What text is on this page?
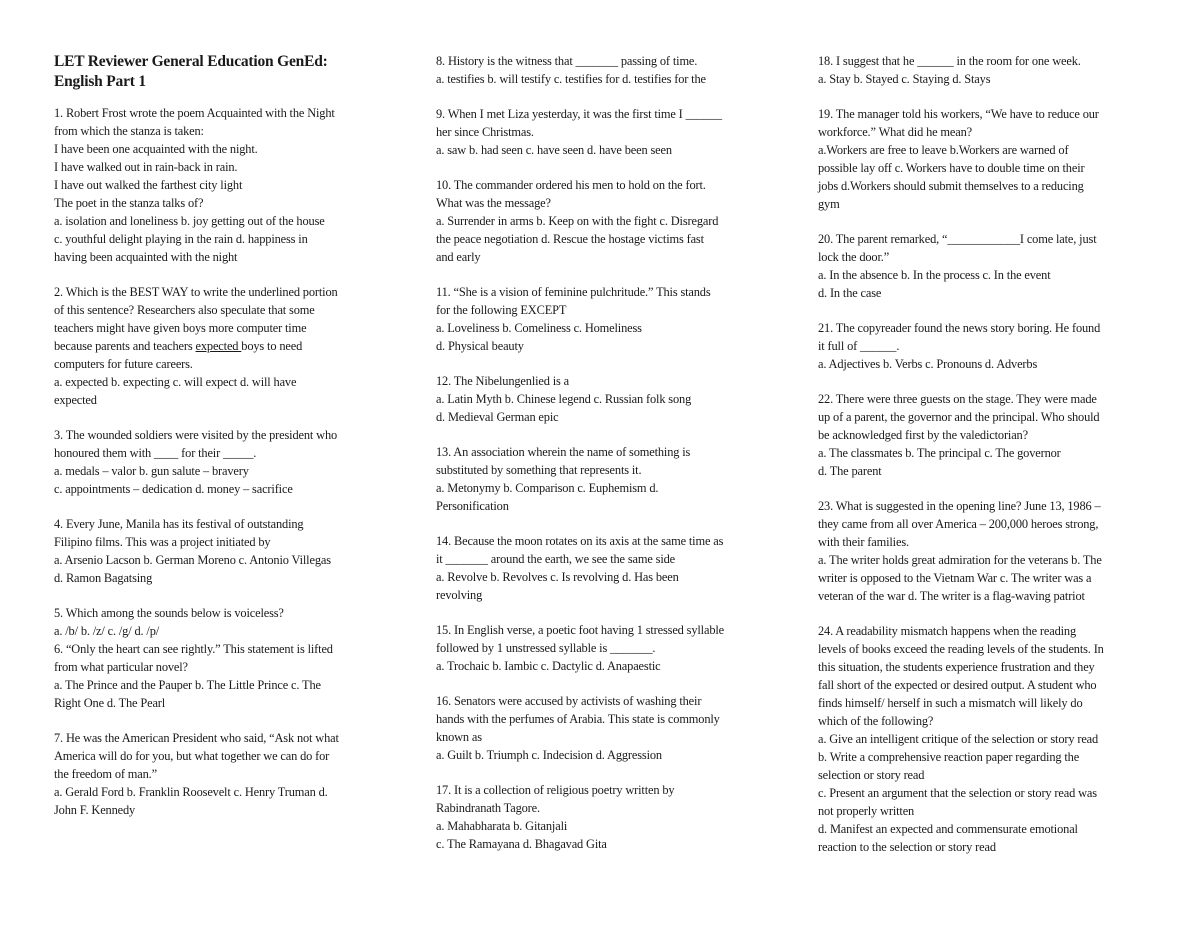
LET Reviewer General Education GenEd:
English Part 1
1. Robert Frost wrote the poem Acquainted with the Night
from which the stanza is taken:
I have been one acquainted with the night.
I have walked out in rain-back in rain.
I have out walked the farthest city light
The poet in the stanza talks of?
a. isolation and loneliness b. joy getting out of the house
c. youthful delight playing in the rain d. happiness in
having been acquainted with the night
2. Which is the BEST WAY to write the underlined portion
of this sentence? Researchers also speculate that some
teachers might have given boys more computer time
because parents and teachers expected boys to need
computers for future careers.
a. expected b. expecting c. will expect d. will have
expected
3. The wounded soldiers were visited by the president who
honoured them with ____ for their _____.
a. medals – valor b. gun salute – bravery
c. appointments – dedication d. money – sacrifice
4. Every June, Manila has its festival of outstanding
Filipino films. This was a project initiated by
a. Arsenio Lacson b. German Moreno c. Antonio Villegas
d. Ramon Bagatsing
5. Which among the sounds below is voiceless?
a. /b/ b. /z/ c. /g/ d. /p/
6. “Only the heart can see rightly.” This statement is lifted
from what particular novel?
a. The Prince and the Pauper b. The Little Prince c. The
Right One d. The Pearl
7. He was the American President who said, “Ask not what
America will do for you, but what together we can do for
the freedom of man.”
a. Gerald Ford b. Franklin Roosevelt c. Henry Truman d.
John F. Kennedy
8. History is the witness that _______ passing of time.
a. testifies b. will testify c. testifies for d. testifies for the
9. When I met Liza yesterday, it was the first time I ______
her since Christmas.
a. saw b. had seen c. have seen d. have been seen
10. The commander ordered his men to hold on the fort.
What was the message?
a. Surrender in arms b. Keep on with the fight c. Disregard
the peace negotiation d. Rescue the hostage victims fast
and early
11. “She is a vision of feminine pulchritude.” This stands
for the following EXCEPT
a. Loveliness b. Comeliness c. Homeliness
d. Physical beauty
12. The Nibelungenlied is a
a. Latin Myth b. Chinese legend c. Russian folk song
d. Medieval German epic
13. An association wherein the name of something is
substituted by something that represents it.
a. Metonymy b. Comparison c. Euphemism d.
Personification
14. Because the moon rotates on its axis at the same time as
it _______ around the earth, we see the same side
a. Revolve b. Revolves c. Is revolving d. Has been
revolving
15. In English verse, a poetic foot having 1 stressed syllable
followed by 1 unstressed syllable is _______.
a. Trochaic b. Iambic c. Dactylic d. Anapaestic
16. Senators were accused by activists of washing their
hands with the perfumes of Arabia. This state is commonly
known as
a. Guilt b. Triumph c. Indecision d. Aggression
17. It is a collection of religious poetry written by
Rabindranath Tagore.
a. Mahabharata b. Gitanjali
c. The Ramayana d. Bhagavad Gita
18. I suggest that he ______ in the room for one week.
a. Stay b. Stayed c. Staying d. Stays
19. The manager told his workers, “We have to reduce our
workforce.” What did he mean?
a.Workers are free to leave b.Workers are warned of
possible lay off c. Workers have to double time on their
jobs d.Workers should submit themselves to a reducing
gym
20. The parent remarked, “____________I come late, just
lock the door.”
a. In the absence b. In the process c. In the event
d. In the case
21. The copyreader found the news story boring. He found
it full of ______.
a. Adjectives b. Verbs c. Pronouns d. Adverbs
22. There were three guests on the stage. They were made
up of a parent, the governor and the principal. Who should
be acknowledged first by the valedictorian?
a. The classmates b. The principal c. The governor
d. The parent
23. What is suggested in the opening line? June 13, 1986 –
they came from all over America – 200,000 heroes strong,
with their families.
a. The writer holds great admiration for the veterans b. The
writer is opposed to the Vietnam War c. The writer was a
veteran of the war d. The writer is a flag-waving patriot
24. A readability mismatch happens when the reading
levels of books exceed the reading levels of the students. In
this situation, the students experience frustration and they
fall short of the expected or desired output. A student who
finds himself/ herself in such a mismatch will likely do
which of the following?
a. Give an intelligent critique of the selection or story read
b. Write a comprehensive reaction paper regarding the
selection or story read
c. Present an argument that the selection or story read was
not properly written
d. Manifest an expected and commensurate emotional
reaction to the selection or story read
